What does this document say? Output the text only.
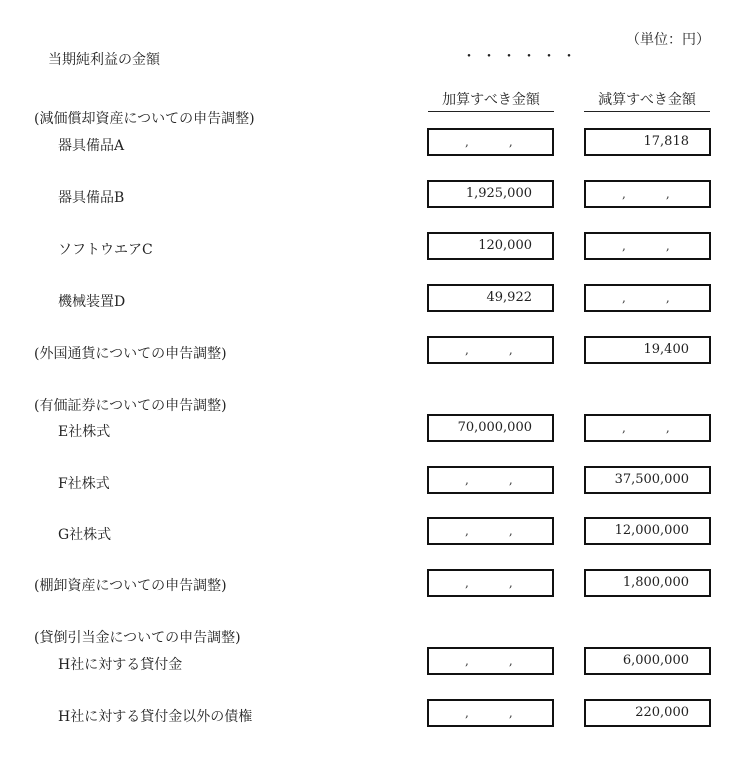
（単位：円）
当期純利益の金額	・・・・・・
加算すべき金額	減算すべき金額
(減価償却資産についての申告調整)
器具備品A	,,	17,818
器具備品B	1,925,000	,,
ソフトウエアC	120,000	,,
機械装置D	49,922	,,
(外国通貨についての申告調整)	,,	19,400
(有価証券についての申告調整)
E社株式	70,000,000	,,
F社株式	,,	37,500,000
G社株式	,,	12,000,000
(棚卸資産についての申告調整)	,,	1,800,000
(貸倒引当金についての申告調整)
H社に対する貸付金	,,	6,000,000
H社に対する貸付金以外の債権	,,	220,000
